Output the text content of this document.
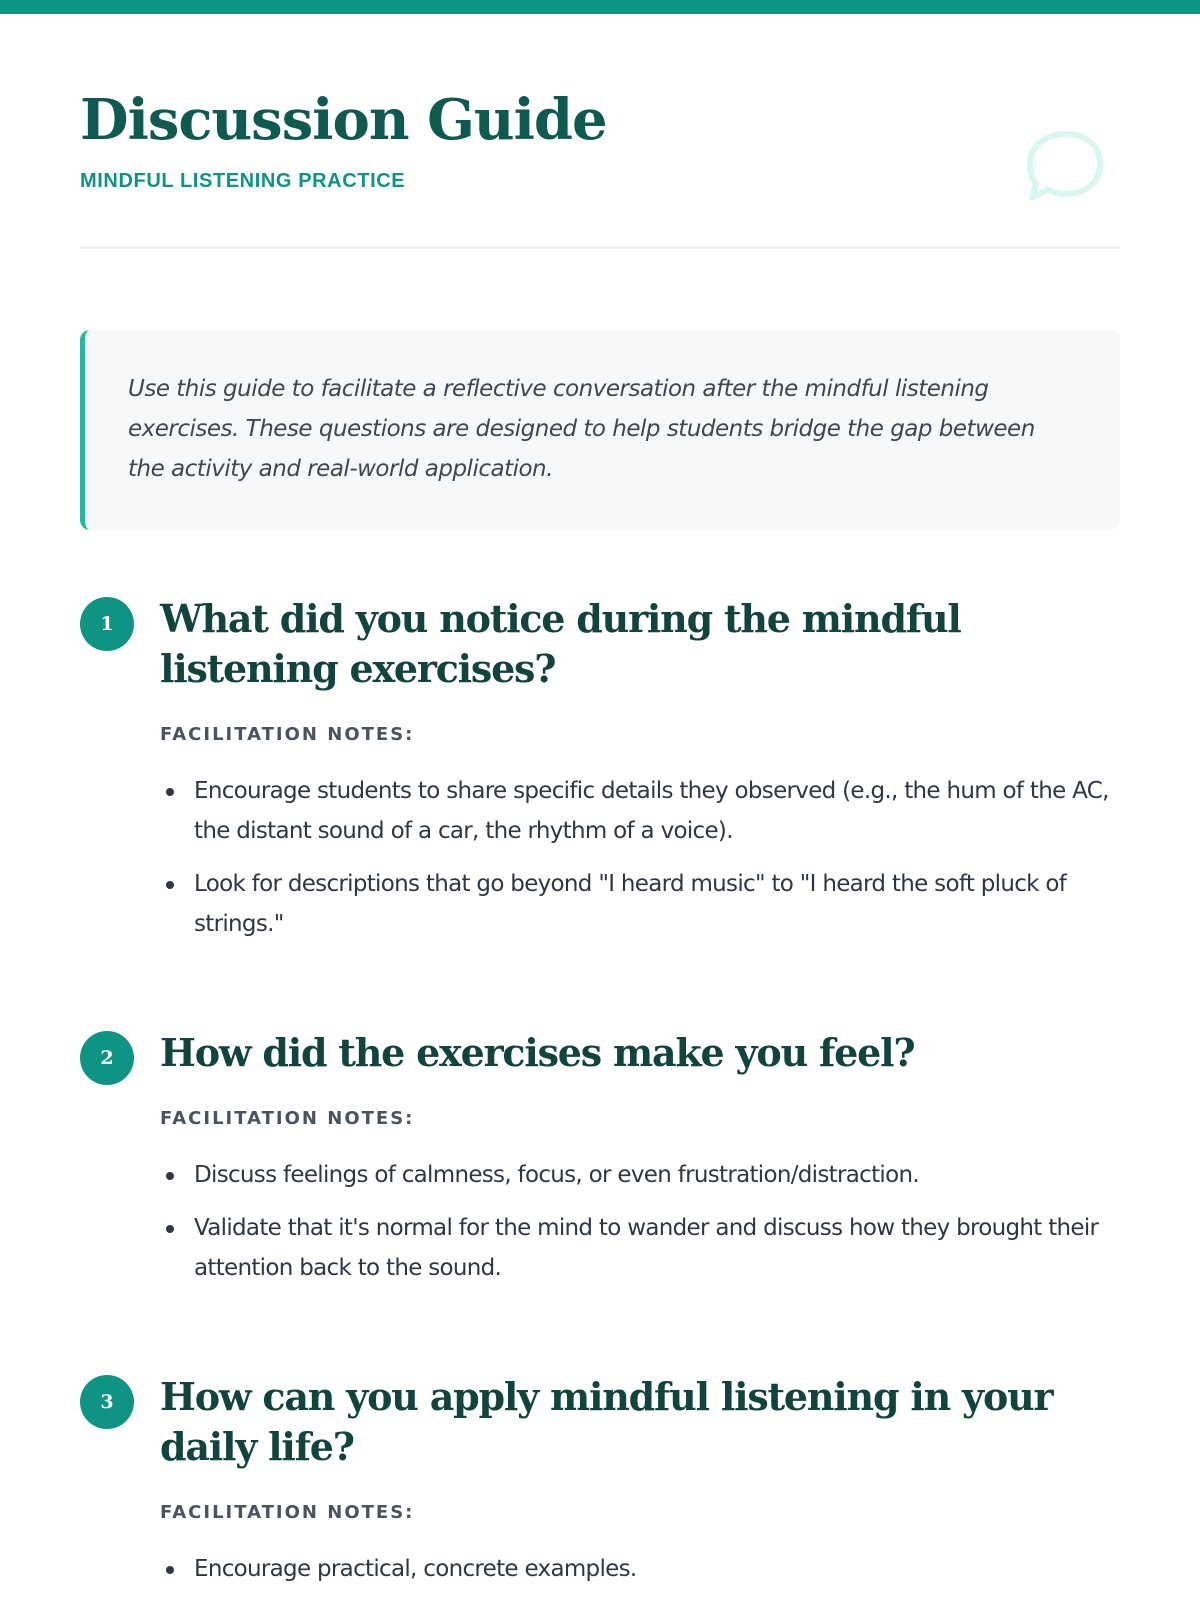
Discussion Guide
MINDFUL LISTENING PRACTICE

Use this guide to facilitate a reflective conversation after the mindful listening exercises. These questions are designed to help students bridge the gap between the activity and real-world application.

1	What did you notice during the mindful listening exercises?
FACILITATION NOTES:
Encourage students to share specific details they observed (e.g., the hum of the AC, the distant sound of a car, the rhythm of a voice).
Look for descriptions that go beyond "I heard music" to "I heard the soft pluck of strings."
2	How did the exercises make you feel?
FACILITATION NOTES:
Discuss feelings of calmness, focus, or even frustration/distraction.
Validate that it's normal for the mind to wander and discuss how they brought their attention back to the sound.
3	How can you apply mindful listening in your daily life?
FACILITATION NOTES:
Encourage practical, concrete examples.
